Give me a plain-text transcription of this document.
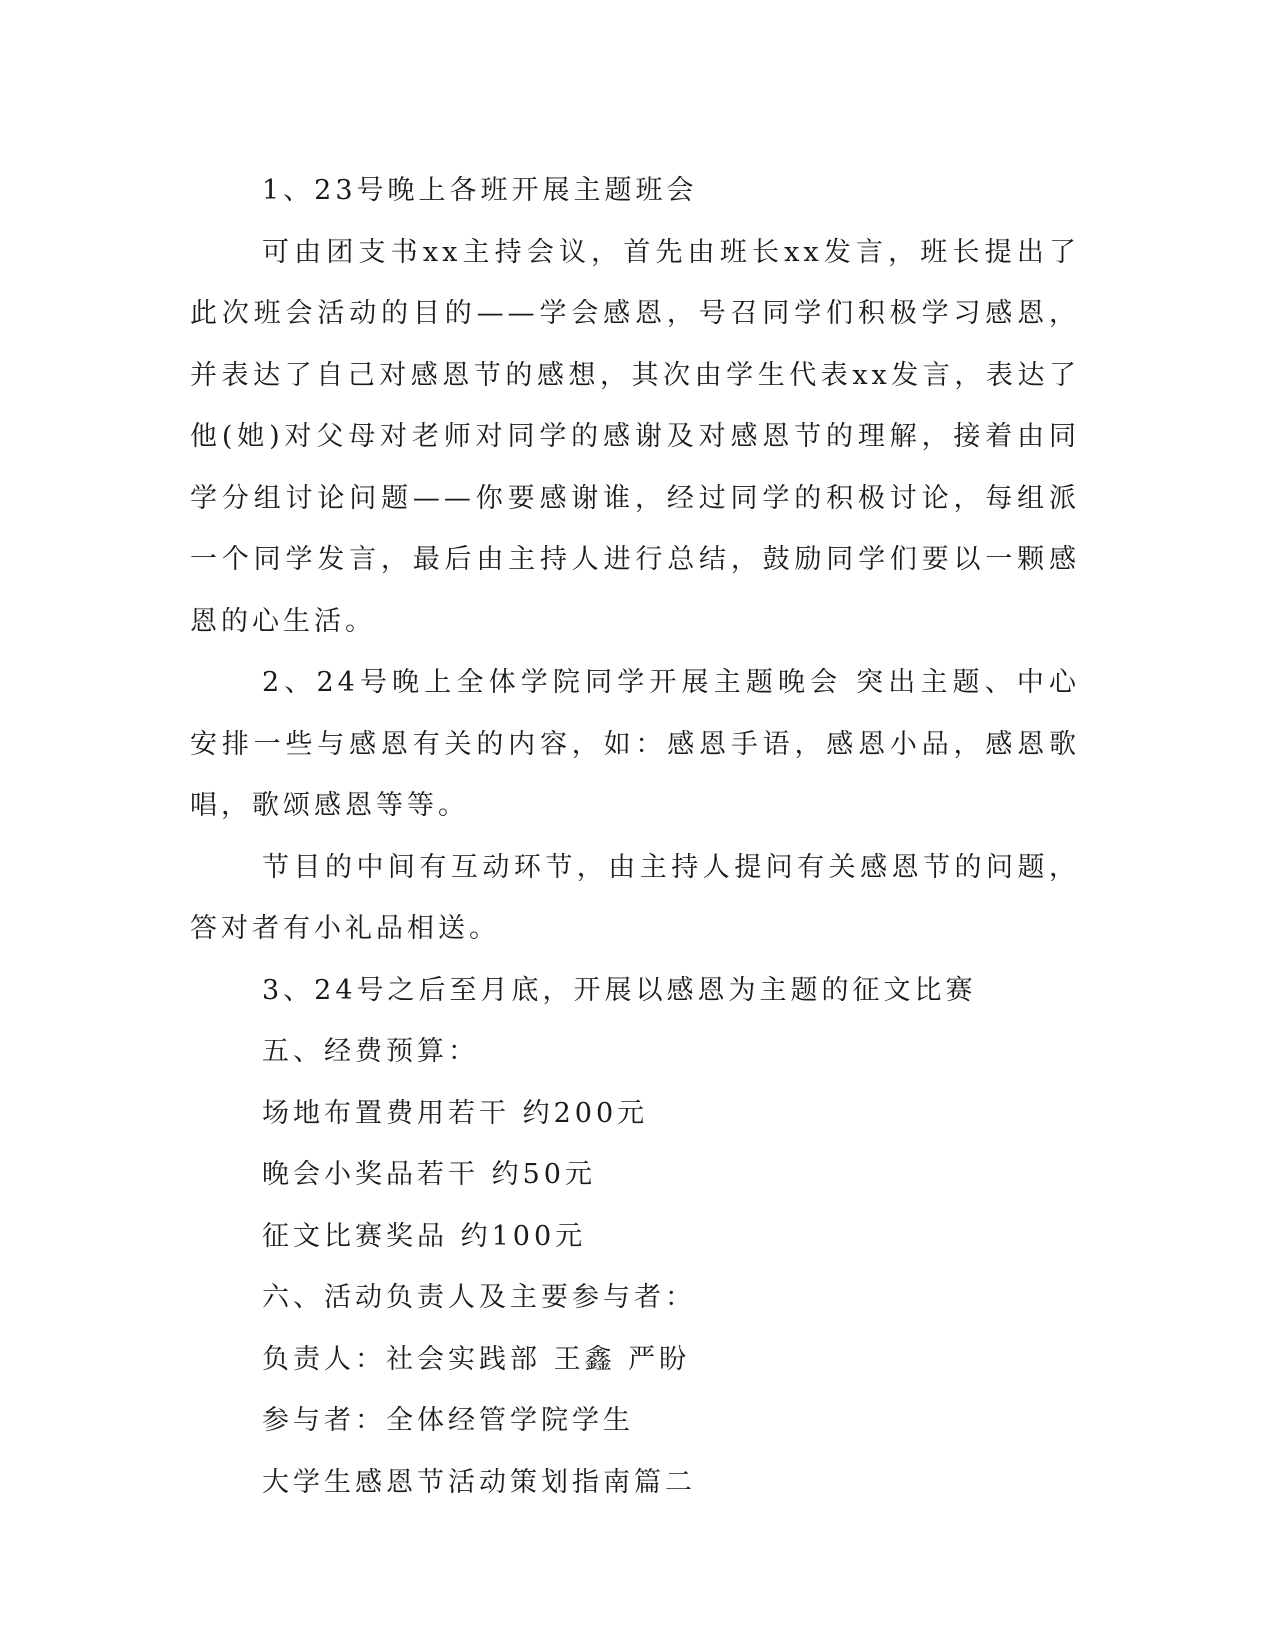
1、23号晚上各班开展主题班会

可由团支书xx主持会议，首先由班长xx发言，班长提出了此次班会活动的目的——学会感恩，号召同学们积极学习感恩，并表达了自己对感恩节的感想，其次由学生代表xx发言，表达了他(她)对父母对老师对同学的感谢及对感恩节的理解，接着由同学分组讨论问题——你要感谢谁，经过同学的积极讨论，每组派一个同学发言，最后由主持人进行总结，鼓励同学们要以一颗感恩的心生活。

2、24号晚上全体学院同学开展主题晚会 突出主题、中心安排一些与感恩有关的内容，如：感恩手语，感恩小品，感恩歌唱，歌颂感恩等等。

节目的中间有互动环节，由主持人提问有关感恩节的问题，答对者有小礼品相送。

3、24号之后至月底，开展以感恩为主题的征文比赛

五、经费预算：

场地布置费用若干 约200元

晚会小奖品若干 约50元

征文比赛奖品 约100元

六、活动负责人及主要参与者：

负责人：社会实践部 王鑫 严盼

参与者：全体经管学院学生

大学生感恩节活动策划指南篇二
